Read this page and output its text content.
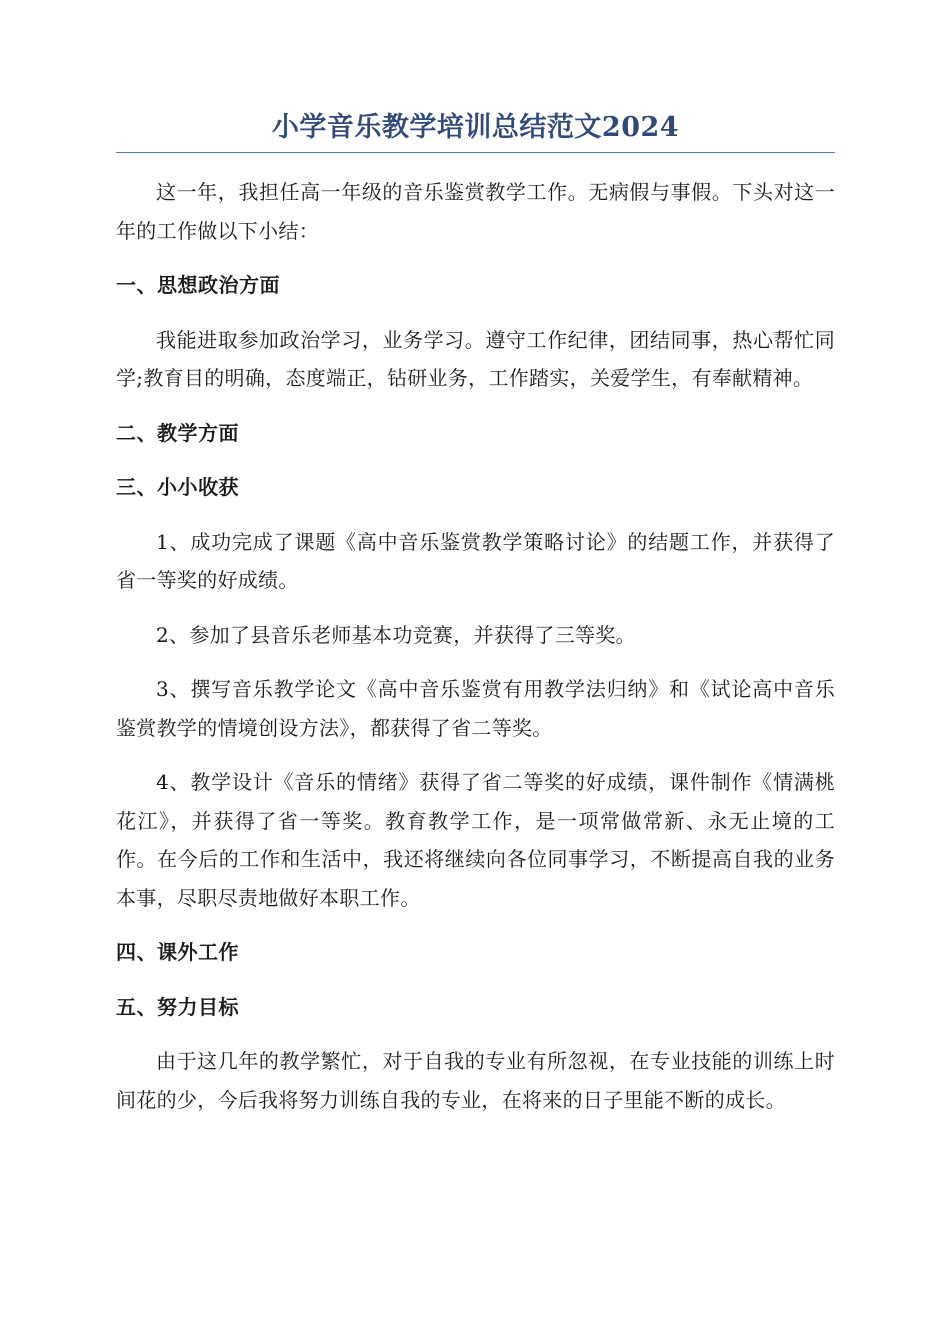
小学音乐教学培训总结范文2024

这一年，我担任高一年级的音乐鉴赏教学工作。无病假与事假。下头对这一年的工作做以下小结：

一、思想政治方面

我能进取参加政治学习，业务学习。遵守工作纪律，团结同事，热心帮忙同学;教育目的明确，态度端正，钻研业务，工作踏实，关爱学生，有奉献精神。

二、教学方面
三、小小收获

1、成功完成了课题《高中音乐鉴赏教学策略讨论》的结题工作，并获得了省一等奖的好成绩。

2、参加了县音乐老师基本功竞赛，并获得了三等奖。

3、撰写音乐教学论文《高中音乐鉴赏有用教学法归纳》和《试论高中音乐鉴赏教学的情境创设方法》，都获得了省二等奖。

4、教学设计《音乐的情绪》获得了省二等奖的好成绩，课件制作《情满桃花江》，并获得了省一等奖。教育教学工作，是一项常做常新、永无止境的工作。在今后的工作和生活中，我还将继续向各位同事学习，不断提高自我的业务本事，尽职尽责地做好本职工作。

四、课外工作
五、努力目标

由于这几年的教学繁忙，对于自我的专业有所忽视，在专业技能的训练上时间花的少，今后我将努力训练自我的专业，在将来的日子里能不断的成长。
